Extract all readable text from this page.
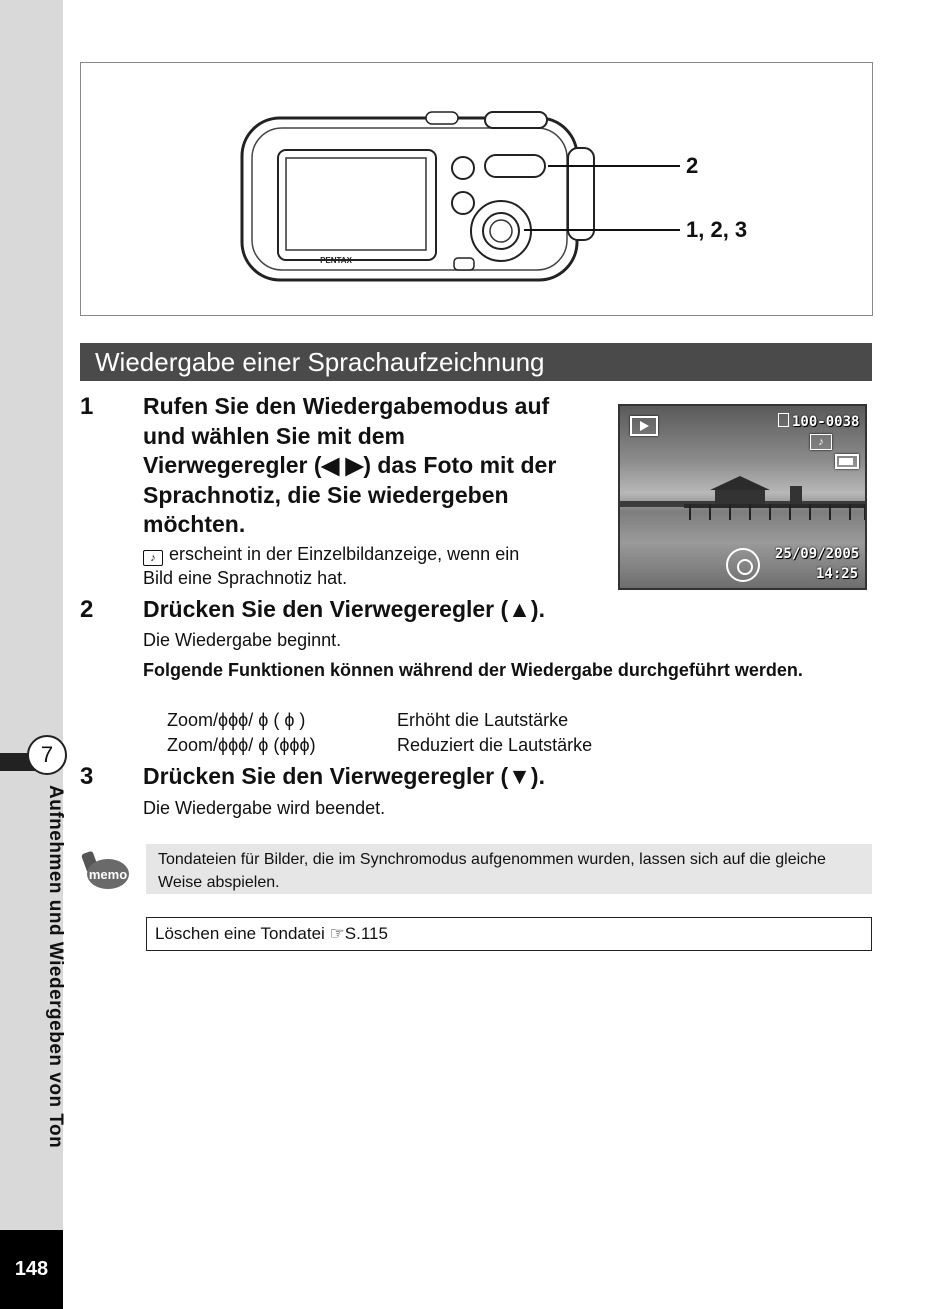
7
Aufnehmen und Wiedergeben von Ton
148
PENTAX
2
1, 2, 3
Wiedergabe einer Sprachaufzeichnung
1 Rufen Sie den Wiedergabemodus auf
und wählen Sie mit dem
Vierwegeregler (◀ ▶) das Foto mit der
Sprachnotiz, die Sie wiedergeben
möchten.
♪ erscheint in der Einzelbildanzeige, wenn ein
Bild eine Sprachnotiz hat.
100-0038
♪
25/09/2005
14:25
2 Drücken Sie den Vierwegeregler (▲).
Die Wiedergabe beginnt.
Folgende Funktionen können während der Wiedergabe durchgeführt werden.
Zoom/ϕϕϕ/ ϕ ( ϕ )	Erhöht die Lautstärke
Zoom/ϕϕϕ/ ϕ (ϕϕϕ)	Reduziert die Lautstärke
3 Drücken Sie den Vierwegeregler (▼).
Die Wiedergabe wird beendet.
memo
Tondateien für Bilder, die im Synchromodus aufgenommen wurden, lassen sich auf die gleiche Weise abspielen.
Löschen eine Tondatei ☞S.115
